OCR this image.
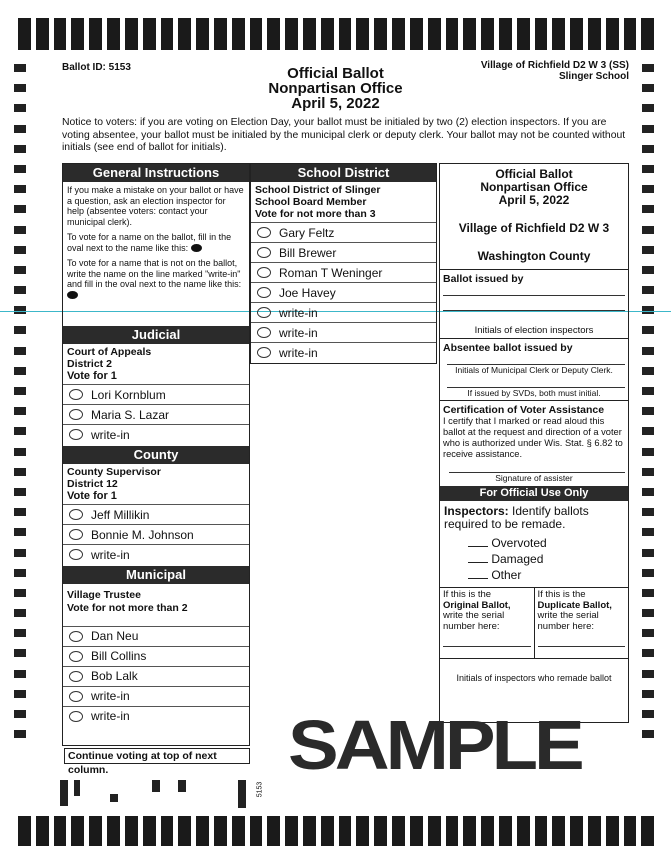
5153
Ballot ID: 5153	Village of Richfield D2 W 3 (SS)
Slinger School
Official Ballot
Nonpartisan Office
April 5, 2022
Notice to voters: if you are voting on Election Day, your ballot must be initialed by two (2) election inspectors. If you are voting absentee, your ballot must be initialed by the municipal clerk or deputy clerk. Your ballot may not be counted without initials (see end of ballot for initials).
General Instructions
If you make a mistake on your ballot or have a question, ask an election inspector for help (absentee voters: contact your municipal clerk).
To vote for a name on the ballot, fill in the oval next to the name like this:
To vote for a name that is not on the ballot, write the name on the line marked "write-in" and fill in the oval next to the name like this:
Judicial
Court of Appeals
District 2
Vote for 1
Lori Kornblum
Maria S. Lazar
write-in
County
County Supervisor
District 12
Vote for 1
Jeff Millikin
Bonnie M. Johnson
write-in
Municipal
Village Trustee
Vote for not more than 2
Dan Neu
Bill Collins
Bob Lalk
write-in
write-in
Continue voting at top of next column.
School District
School District of Slinger
School Board Member
Vote for not more than 3
Gary Feltz
Bill Brewer
Roman T Weninger
Joe Havey
write-in
write-in
write-in
Official Ballot
Nonpartisan Office
April 5, 2022
Village of Richfield D2 W 3
Washington County
Ballot issued by
Initials of election inspectors
Absentee ballot issued by
Initials of Municipal Clerk or Deputy Clerk.
If issued by SVDs, both must initial.
Certification of Voter Assistance
I certify that I marked or read aloud this ballot at the request and direction of a voter who is authorized under Wis. Stat. § 6.82 to receive assistance.
Signature of assister
For Official Use Only
Inspectors: Identify ballots required to be remade.
Overvoted
Damaged
Other
If this is the
Original Ballot,
write the serial number here:
If this is the
Duplicate Ballot,
write the serial number here:
Initials of inspectors who remade ballot
SAMPLE
